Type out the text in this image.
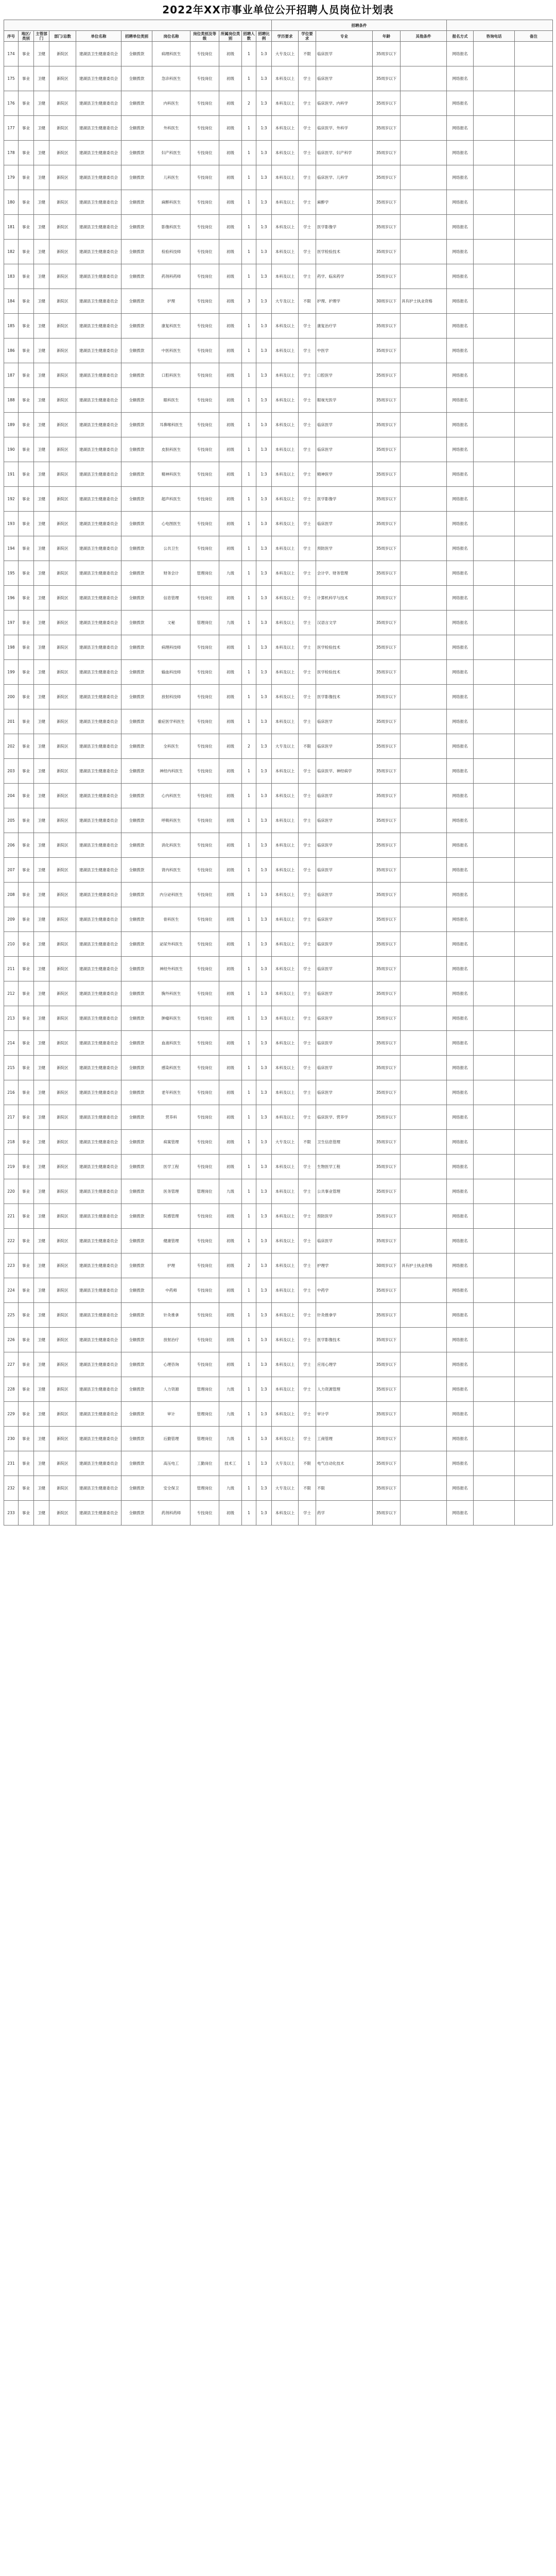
2022年XX市事业单位公开招聘人员岗位计划表
											招聘条件							
序号	地区/类别	主管部门	部门/总数	单位名称	招聘单位类别	岗位名称	岗位类别及等级	所属岗位类别	招聘人数	招聘比例	学历要求	学位要求	专业	年龄	其他条件	报名方式	咨询电话	备注
174	事业	卫健	新院区	建湖县卫生健康委员会	全额拨款	病理科医生	专技岗位	初级	1	1:3	大专及以上	不限	临床医学	35周岁以下		网络报名		
175	事业	卫健	新院区	建湖县卫生健康委员会	全额拨款	急诊科医生	专技岗位	初级	1	1:3	本科及以上	学士	临床医学	35周岁以下		网络报名		
176	事业	卫健	新院区	建湖县卫生健康委员会	全额拨款	内科医生	专技岗位	初级	2	1:3	本科及以上	学士	临床医学、内科学	35周岁以下		网络报名		
177	事业	卫健	新院区	建湖县卫生健康委员会	全额拨款	外科医生	专技岗位	初级	1	1:3	本科及以上	学士	临床医学、外科学	35周岁以下		网络报名		
178	事业	卫健	新院区	建湖县卫生健康委员会	全额拨款	妇产科医生	专技岗位	初级	1	1:3	本科及以上	学士	临床医学、妇产科学	35周岁以下		网络报名		
179	事业	卫健	新院区	建湖县卫生健康委员会	全额拨款	儿科医生	专技岗位	初级	1	1:3	本科及以上	学士	临床医学、儿科学	35周岁以下		网络报名		
180	事业	卫健	新院区	建湖县卫生健康委员会	全额拨款	麻醉科医生	专技岗位	初级	1	1:3	本科及以上	学士	麻醉学	35周岁以下		网络报名		
181	事业	卫健	新院区	建湖县卫生健康委员会	全额拨款	影像科医生	专技岗位	初级	1	1:3	本科及以上	学士	医学影像学	35周岁以下		网络报名		
182	事业	卫健	新院区	建湖县卫生健康委员会	全额拨款	检验科技师	专技岗位	初级	1	1:3	本科及以上	学士	医学检验技术	35周岁以下		网络报名		
183	事业	卫健	新院区	建湖县卫生健康委员会	全额拨款	药剂科药师	专技岗位	初级	1	1:3	本科及以上	学士	药学、临床药学	35周岁以下		网络报名		
184	事业	卫健	新院区	建湖县卫生健康委员会	全额拨款	护理	专技岗位	初级	3	1:3	大专及以上	不限	护理、护理学	30周岁以下	具有护士执业资格	网络报名		
185	事业	卫健	新院区	建湖县卫生健康委员会	全额拨款	康复科医生	专技岗位	初级	1	1:3	本科及以上	学士	康复治疗学	35周岁以下		网络报名		
186	事业	卫健	新院区	建湖县卫生健康委员会	全额拨款	中医科医生	专技岗位	初级	1	1:3	本科及以上	学士	中医学	35周岁以下		网络报名		
187	事业	卫健	新院区	建湖县卫生健康委员会	全额拨款	口腔科医生	专技岗位	初级	1	1:3	本科及以上	学士	口腔医学	35周岁以下		网络报名		
188	事业	卫健	新院区	建湖县卫生健康委员会	全额拨款	眼科医生	专技岗位	初级	1	1:3	本科及以上	学士	眼视光医学	35周岁以下		网络报名		
189	事业	卫健	新院区	建湖县卫生健康委员会	全额拨款	耳鼻喉科医生	专技岗位	初级	1	1:3	本科及以上	学士	临床医学	35周岁以下		网络报名		
190	事业	卫健	新院区	建湖县卫生健康委员会	全额拨款	皮肤科医生	专技岗位	初级	1	1:3	本科及以上	学士	临床医学	35周岁以下		网络报名		
191	事业	卫健	新院区	建湖县卫生健康委员会	全额拨款	精神科医生	专技岗位	初级	1	1:3	本科及以上	学士	精神医学	35周岁以下		网络报名		
192	事业	卫健	新院区	建湖县卫生健康委员会	全额拨款	超声科医生	专技岗位	初级	1	1:3	本科及以上	学士	医学影像学	35周岁以下		网络报名		
193	事业	卫健	新院区	建湖县卫生健康委员会	全额拨款	心电图医生	专技岗位	初级	1	1:3	本科及以上	学士	临床医学	35周岁以下		网络报名		
194	事业	卫健	新院区	建湖县卫生健康委员会	全额拨款	公共卫生	专技岗位	初级	1	1:3	本科及以上	学士	预防医学	35周岁以下		网络报名		
195	事业	卫健	新院区	建湖县卫生健康委员会	全额拨款	财务会计	管理岗位	九级	1	1:3	本科及以上	学士	会计学、财务管理	35周岁以下		网络报名		
196	事业	卫健	新院区	建湖县卫生健康委员会	全额拨款	信息管理	专技岗位	初级	1	1:3	本科及以上	学士	计算机科学与技术	35周岁以下		网络报名		
197	事业	卫健	新院区	建湖县卫生健康委员会	全额拨款	文秘	管理岗位	九级	1	1:3	本科及以上	学士	汉语言文学	35周岁以下		网络报名		
198	事业	卫健	新院区	建湖县卫生健康委员会	全额拨款	病理科技师	专技岗位	初级	1	1:3	本科及以上	学士	医学检验技术	35周岁以下		网络报名		
199	事业	卫健	新院区	建湖县卫生健康委员会	全额拨款	输血科技师	专技岗位	初级	1	1:3	本科及以上	学士	医学检验技术	35周岁以下		网络报名		
200	事业	卫健	新院区	建湖县卫生健康委员会	全额拨款	放射科技师	专技岗位	初级	1	1:3	本科及以上	学士	医学影像技术	35周岁以下		网络报名		
201	事业	卫健	新院区	建湖县卫生健康委员会	全额拨款	重症医学科医生	专技岗位	初级	1	1:3	本科及以上	学士	临床医学	35周岁以下		网络报名		
202	事业	卫健	新院区	建湖县卫生健康委员会	全额拨款	全科医生	专技岗位	初级	2	1:3	大专及以上	不限	临床医学	35周岁以下		网络报名		
203	事业	卫健	新院区	建湖县卫生健康委员会	全额拨款	神经内科医生	专技岗位	初级	1	1:3	本科及以上	学士	临床医学、神经病学	35周岁以下		网络报名		
204	事业	卫健	新院区	建湖县卫生健康委员会	全额拨款	心内科医生	专技岗位	初级	1	1:3	本科及以上	学士	临床医学	35周岁以下		网络报名		
205	事业	卫健	新院区	建湖县卫生健康委员会	全额拨款	呼吸科医生	专技岗位	初级	1	1:3	本科及以上	学士	临床医学	35周岁以下		网络报名		
206	事业	卫健	新院区	建湖县卫生健康委员会	全额拨款	消化科医生	专技岗位	初级	1	1:3	本科及以上	学士	临床医学	35周岁以下		网络报名		
207	事业	卫健	新院区	建湖县卫生健康委员会	全额拨款	肾内科医生	专技岗位	初级	1	1:3	本科及以上	学士	临床医学	35周岁以下		网络报名		
208	事业	卫健	新院区	建湖县卫生健康委员会	全额拨款	内分泌科医生	专技岗位	初级	1	1:3	本科及以上	学士	临床医学	35周岁以下		网络报名		
209	事业	卫健	新院区	建湖县卫生健康委员会	全额拨款	骨科医生	专技岗位	初级	1	1:3	本科及以上	学士	临床医学	35周岁以下		网络报名		
210	事业	卫健	新院区	建湖县卫生健康委员会	全额拨款	泌尿外科医生	专技岗位	初级	1	1:3	本科及以上	学士	临床医学	35周岁以下		网络报名		
211	事业	卫健	新院区	建湖县卫生健康委员会	全额拨款	神经外科医生	专技岗位	初级	1	1:3	本科及以上	学士	临床医学	35周岁以下		网络报名		
212	事业	卫健	新院区	建湖县卫生健康委员会	全额拨款	胸外科医生	专技岗位	初级	1	1:3	本科及以上	学士	临床医学	35周岁以下		网络报名		
213	事业	卫健	新院区	建湖县卫生健康委员会	全额拨款	肿瘤科医生	专技岗位	初级	1	1:3	本科及以上	学士	临床医学	35周岁以下		网络报名		
214	事业	卫健	新院区	建湖县卫生健康委员会	全额拨款	血液科医生	专技岗位	初级	1	1:3	本科及以上	学士	临床医学	35周岁以下		网络报名		
215	事业	卫健	新院区	建湖县卫生健康委员会	全额拨款	感染科医生	专技岗位	初级	1	1:3	本科及以上	学士	临床医学	35周岁以下		网络报名		
216	事业	卫健	新院区	建湖县卫生健康委员会	全额拨款	老年科医生	专技岗位	初级	1	1:3	本科及以上	学士	临床医学	35周岁以下		网络报名		
217	事业	卫健	新院区	建湖县卫生健康委员会	全额拨款	营养科	专技岗位	初级	1	1:3	本科及以上	学士	临床医学、营养学	35周岁以下		网络报名		
218	事业	卫健	新院区	建湖县卫生健康委员会	全额拨款	病案管理	专技岗位	初级	1	1:3	大专及以上	不限	卫生信息管理	35周岁以下		网络报名		
219	事业	卫健	新院区	建湖县卫生健康委员会	全额拨款	医学工程	专技岗位	初级	1	1:3	本科及以上	学士	生物医学工程	35周岁以下		网络报名		
220	事业	卫健	新院区	建湖县卫生健康委员会	全额拨款	医务管理	管理岗位	九级	1	1:3	本科及以上	学士	公共事业管理	35周岁以下		网络报名		
221	事业	卫健	新院区	建湖县卫生健康委员会	全额拨款	院感管理	专技岗位	初级	1	1:3	本科及以上	学士	预防医学	35周岁以下		网络报名		
222	事业	卫健	新院区	建湖县卫生健康委员会	全额拨款	健康管理	专技岗位	初级	1	1:3	本科及以上	学士	临床医学	35周岁以下		网络报名		
223	事业	卫健	新院区	建湖县卫生健康委员会	全额拨款	护理	专技岗位	初级	2	1:3	本科及以上	学士	护理学	30周岁以下	具有护士执业资格	网络报名		
224	事业	卫健	新院区	建湖县卫生健康委员会	全额拨款	中药师	专技岗位	初级	1	1:3	本科及以上	学士	中药学	35周岁以下		网络报名		
225	事业	卫健	新院区	建湖县卫生健康委员会	全额拨款	针灸推拿	专技岗位	初级	1	1:3	本科及以上	学士	针灸推拿学	35周岁以下		网络报名		
226	事业	卫健	新院区	建湖县卫生健康委员会	全额拨款	放射治疗	专技岗位	初级	1	1:3	本科及以上	学士	医学影像技术	35周岁以下		网络报名		
227	事业	卫健	新院区	建湖县卫生健康委员会	全额拨款	心理咨询	专技岗位	初级	1	1:3	本科及以上	学士	应用心理学	35周岁以下		网络报名		
228	事业	卫健	新院区	建湖县卫生健康委员会	全额拨款	人力资源	管理岗位	九级	1	1:3	本科及以上	学士	人力资源管理	35周岁以下		网络报名		
229	事业	卫健	新院区	建湖县卫生健康委员会	全额拨款	审计	管理岗位	九级	1	1:3	本科及以上	学士	审计学	35周岁以下		网络报名		
230	事业	卫健	新院区	建湖县卫生健康委员会	全额拨款	后勤管理	管理岗位	九级	1	1:3	本科及以上	学士	工商管理	35周岁以下		网络报名		
231	事业	卫健	新院区	建湖县卫生健康委员会	全额拨款	高压电工	工勤岗位	技术工	1	1:3	大专及以上	不限	电气自动化技术	35周岁以下		网络报名		
232	事业	卫健	新院区	建湖县卫生健康委员会	全额拨款	安全保卫	管理岗位	九级	1	1:3	大专及以上	不限	不限	35周岁以下		网络报名		
233	事业	卫健	新院区	建湖县卫生健康委员会	全额拨款	药剂科药师	专技岗位	初级	1	1:3	本科及以上	学士	药学	35周岁以下		网络报名		
